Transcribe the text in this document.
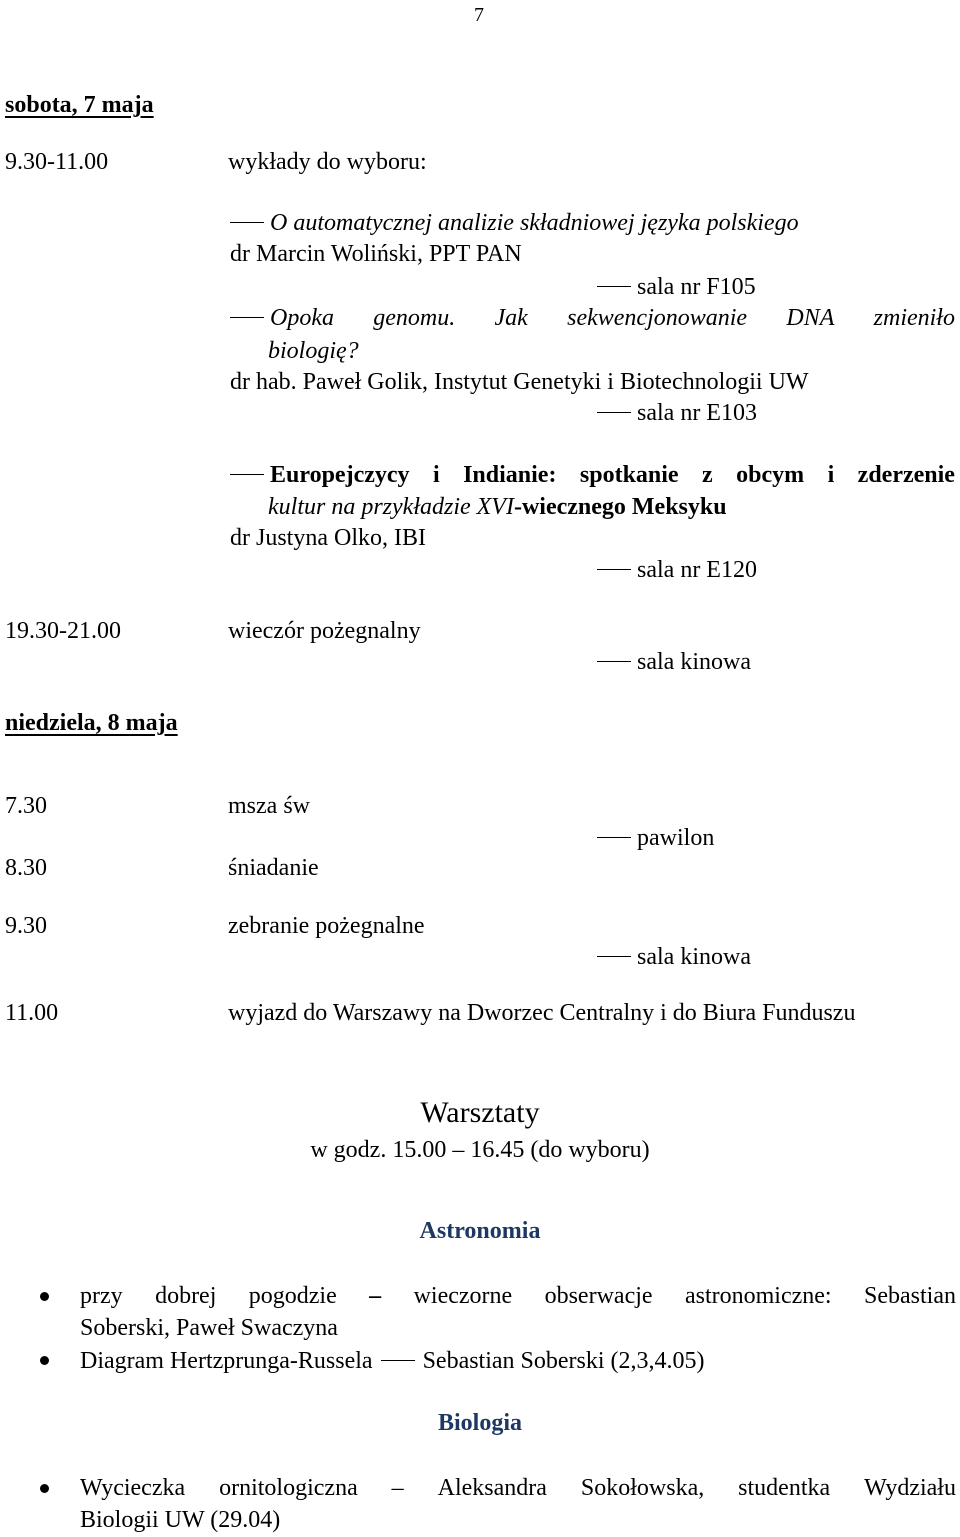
7
sobota, 7 maja
9.30-11.00	wykłady do wyboru:
O automatycznej analizie składniowej języka polskiego
dr Marcin Woliński, PPT PAN
sala nr F105
Opoka genomu. Jak sekwencjonowanie DNA zmieniło
biologię?
dr hab. Paweł Golik, Instytut Genetyki i Biotechnologii UW
sala nr E103
Europejczycy i Indianie: spotkanie z obcym i zderzenie
kultur na przykładzie XVI-wiecznego Meksyku
dr Justyna Olko, IBI
sala nr E120
19.30-21.00	wieczór pożegnalny
sala kinowa
niedziela, 8 maja
7.30	msza św
pawilon
8.30	śniadanie
9.30	zebranie pożegnalne
sala kinowa
11.00	wyjazd do Warszawy na Dworzec Centralny i do Biura Funduszu
Warsztaty
w godz. 15.00 – 16.45 (do wyboru)
Astronomia
przy dobrej pogodzie – wieczorne obserwacje astronomiczne: Sebastian
Soberski, Paweł Swaczyna
Diagram Hertzprunga-Russela Sebastian Soberski (2,3,4.05)
Biologia
Wycieczka ornitologiczna – Aleksandra Sokołowska, studentka Wydziału
Biologii UW (29.04)
